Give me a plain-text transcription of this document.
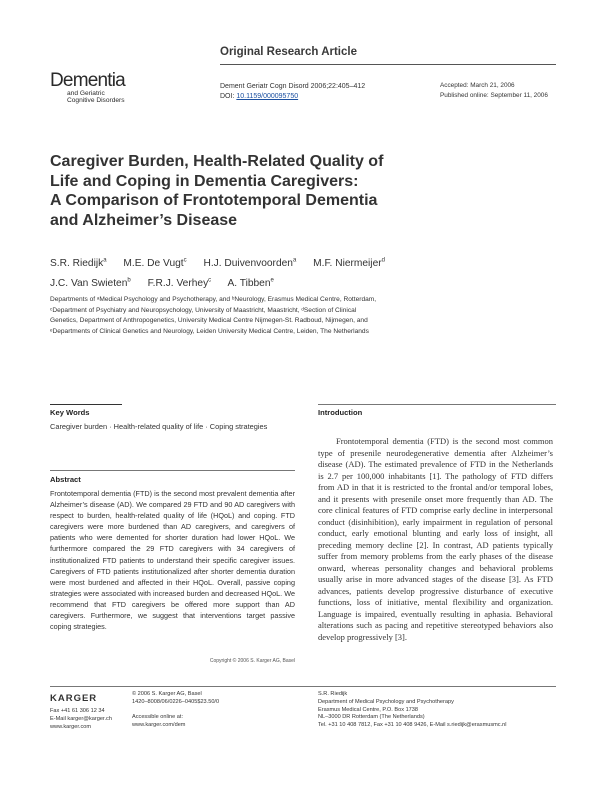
Original Research Article
Dementia
and Geriatric
Cognitive Disorders
Dement Geriatr Cogn Disord 2006;22:405–412
DOI: 10.1159/000095750
Accepted: March 21, 2006
Published online: September 11, 2006
Caregiver Burden, Health-Related Quality of
Life and Coping in Dementia Caregivers:
A Comparison of Frontotemporal Dementia
and Alzheimer’s Disease
S.R. Riedijk$^a$ M.E. De Vugt$^c$ H.J. Duivenvoorden$^a$ M.F. Niermeijer$^d$
J.C. Van Swieten$^b$ F.R.J. Verhey$^c$ A. Tibben$^e$
Departments of ᵃMedical Psychology and Psychotherapy, and ᵇNeurology, Erasmus Medical Centre, Rotterdam,
ᶜDepartment of Psychiatry and Neuropsychology, University of Maastricht, Maastricht, ᵈSection of Clinical
Genetics, Department of Anthropogenetics, University Medical Centre Nijmegen-St. Radboud, Nijmegen, and
ᵉDepartments of Clinical Genetics and Neurology, Leiden University Medical Centre, Leiden, The Netherlands
Key Words
Caregiver burden · Health-related quality of life · Coping strategies
Abstract
Frontotemporal dementia (FTD) is the second most prevalent dementia after Alzheimer’s disease (AD). We compared 29 FTD and 90 AD caregivers with respect to burden, health-related quality of life (HQoL) and coping. FTD caregivers were more burdened than AD caregivers, and caregivers of patients who were demented for shorter duration had lower HQoL. We furthermore compared the 29 FTD caregivers with 34 caregivers of institutionalized FTD patients to understand their specific caregiver issues. Caregivers of FTD patients institutionalized after shorter dementia duration were most burdened and affected in their HQoL. Overall, passive coping strategies were associated with increased burden and decreased HQoL. We recommend that FTD caregivers be offered more support than AD caregivers. Furthermore, we suggest that interventions target passive coping strategies.
Copyright © 2006 S. Karger AG, Basel
Introduction
Frontotemporal dementia (FTD) is the second most common type of presenile neurodegenerative dementia after Alzheimer’s disease (AD). The estimated prevalence of FTD in the Netherlands is 2.7 per 100,000 inhabitants [1]. The pathology of FTD differs from AD in that it is restricted to the frontal and/or temporal lobes, and it presents with presenile onset more frequently than AD. The core clinical features of FTD comprise early decline in interpersonal conduct (disinhibition), early impairment in regulation of personal conduct, early emotional blunting and early loss of insight, all preceding memory decline [2]. In contrast, AD patients typically suffer from memory problems from the early phases of the disease onward, whereas personality changes and behavioral problems usually arise in more advanced stages of the disease [3]. As FTD advances, patients develop progressive disturbance of executive functions, loss of initiative, mental flexibility and organization. Language is impaired, eventually resulting in aphasia. Behavioral alterations such as pacing and repetitive stereotyped behaviors also develop progressively [3].
KARGER
Fax +41 61 306 12 34
E-Mail karger@karger.ch
www.karger.com
© 2006 S. Karger AG, Basel
1420–8008/06/0226–0405$23.50/0
Accessible online at:
www.karger.com/dem
S.R. Riedijk
Department of Medical Psychology and Psychotherapy
Erasmus Medical Centre, P.O. Box 1738
NL–3000 DR Rotterdam (The Netherlands)
Tel. +31 10 408 7812, Fax +31 10 408 9426, E-Mail s.riedijk@erasmusmc.nl
